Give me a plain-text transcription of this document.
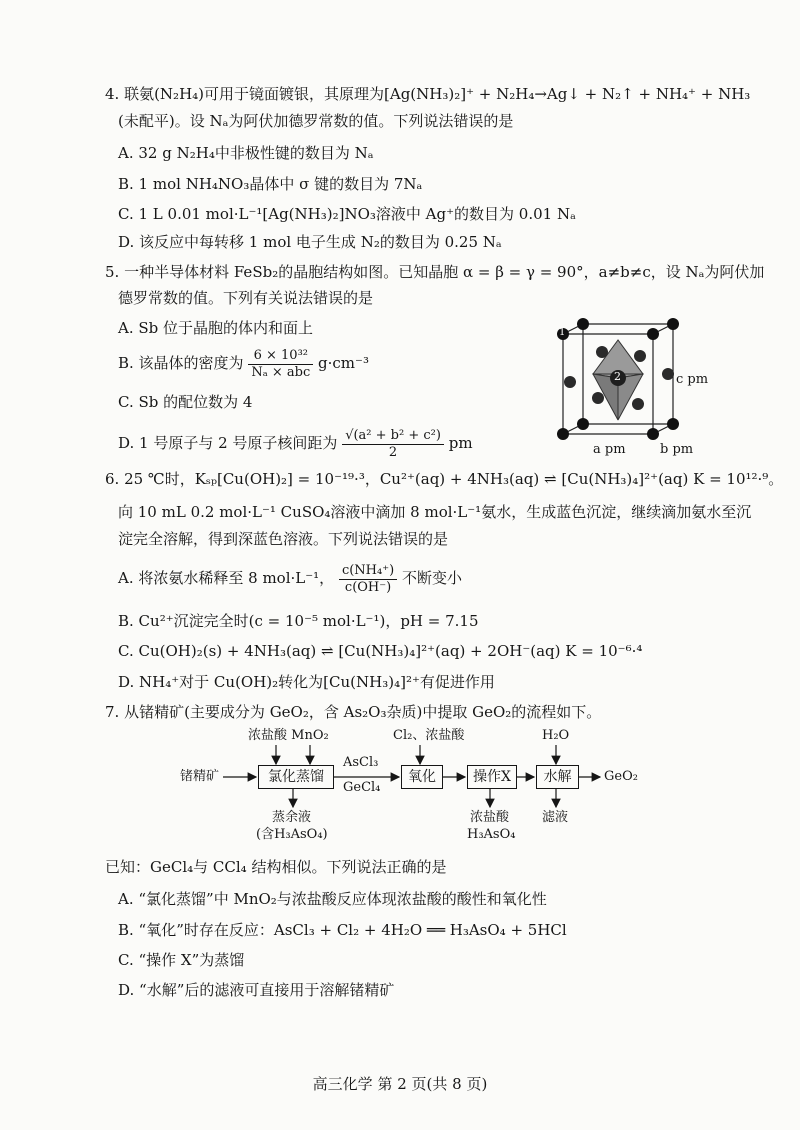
4. 联氨(N₂H₄)可用于镜面镀银，其原理为[Ag(NH₃)₂]⁺ + N₂H₄→Ag↓ + N₂↑ + NH₄⁺ + NH₃
(未配平)。设 Nₐ为阿伏加德罗常数的值。下列说法错误的是
A. 32 g N₂H₄中非极性键的数目为 Nₐ
B. 1 mol NH₄NO₃晶体中 σ 键的数目为 7Nₐ
C. 1 L 0.01 mol·L⁻¹[Ag(NH₃)₂]NO₃溶液中 Ag⁺的数目为 0.01 Nₐ
D. 该反应中每转移 1 mol 电子生成 N₂的数目为 0.25 Nₐ
5. 一种半导体材料 FeSb₂的晶胞结构如图。已知晶胞 α = β = γ = 90°，a≠b≠c，设 Nₐ为阿伏加
德罗常数的值。下列有关说法错误的是
A. Sb 位于晶胞的体内和面上
B. 该晶体的密度为 $\frac{\text{6 × 10³²}}{\text{Nₐ × abc}} g\cdot cm^{-3}$
C. Sb 的配位数为 4
D. 1 号原子与 2 号原子核间距为 $\frac{\text{√(a² + b² + c²)}}{2}$ pm
1
2	c pm
a pm	b pm
6. 25 ℃时，Kₛₚ[Cu(OH)₂] = 10⁻¹⁹·³，Cu²⁺(aq) + 4NH₃(aq) ⇌ [Cu(NH₃)₄]²⁺(aq) K = 10¹²·⁹。
向 10 mL 0.2 mol·L⁻¹ CuSO₄溶液中滴加 8 mol·L⁻¹氨水，生成蓝色沉淀，继续滴加氨水至沉
淀完全溶解，得到深蓝色溶液。下列说法错误的是
A. 将浓氨水稀释至 8 mol·L⁻¹， $\frac{\text{c(NH₄⁺)}}{c(OH^-)}$ 不断变小
B. Cu²⁺沉淀完全时(c = 10⁻⁵ mol·L⁻¹)，pH = 7.15
C. Cu(OH)₂(s) + 4NH₃(aq) ⇌ [Cu(NH₃)₄]²⁺(aq) + 2OH⁻(aq) K = 10⁻⁶·⁴
D. NH₄⁺对于 Cu(OH)₂转化为[Cu(NH₃)₄]²⁺有促进作用
7. 从锗精矿(主要成分为 GeO₂，含 As₂O₃杂质)中提取 GeO₂的流程如下。
锗精矿
浓盐酸 MnO₂
氯化蒸馏
AsCl₃
GeCl₄
蒸余液
(含H₃AsO₄)
Cl₂、浓盐酸
氧化	操作X
浓盐酸
H₃AsO₄
H₂O
水解
滤液
GeO₂
已知：GeCl₄与 CCl₄ 结构相似。下列说法正确的是
A. “氯化蒸馏”中 MnO₂与浓盐酸反应体现浓盐酸的酸性和氧化性
B. “氧化”时存在反应：AsCl₃ + Cl₂ + 4H₂O ══ H₃AsO₄ + 5HCl
C. “操作 X”为蒸馏
D. “水解”后的滤液可直接用于溶解锗精矿
高三化学 第 2 页(共 8 页)
